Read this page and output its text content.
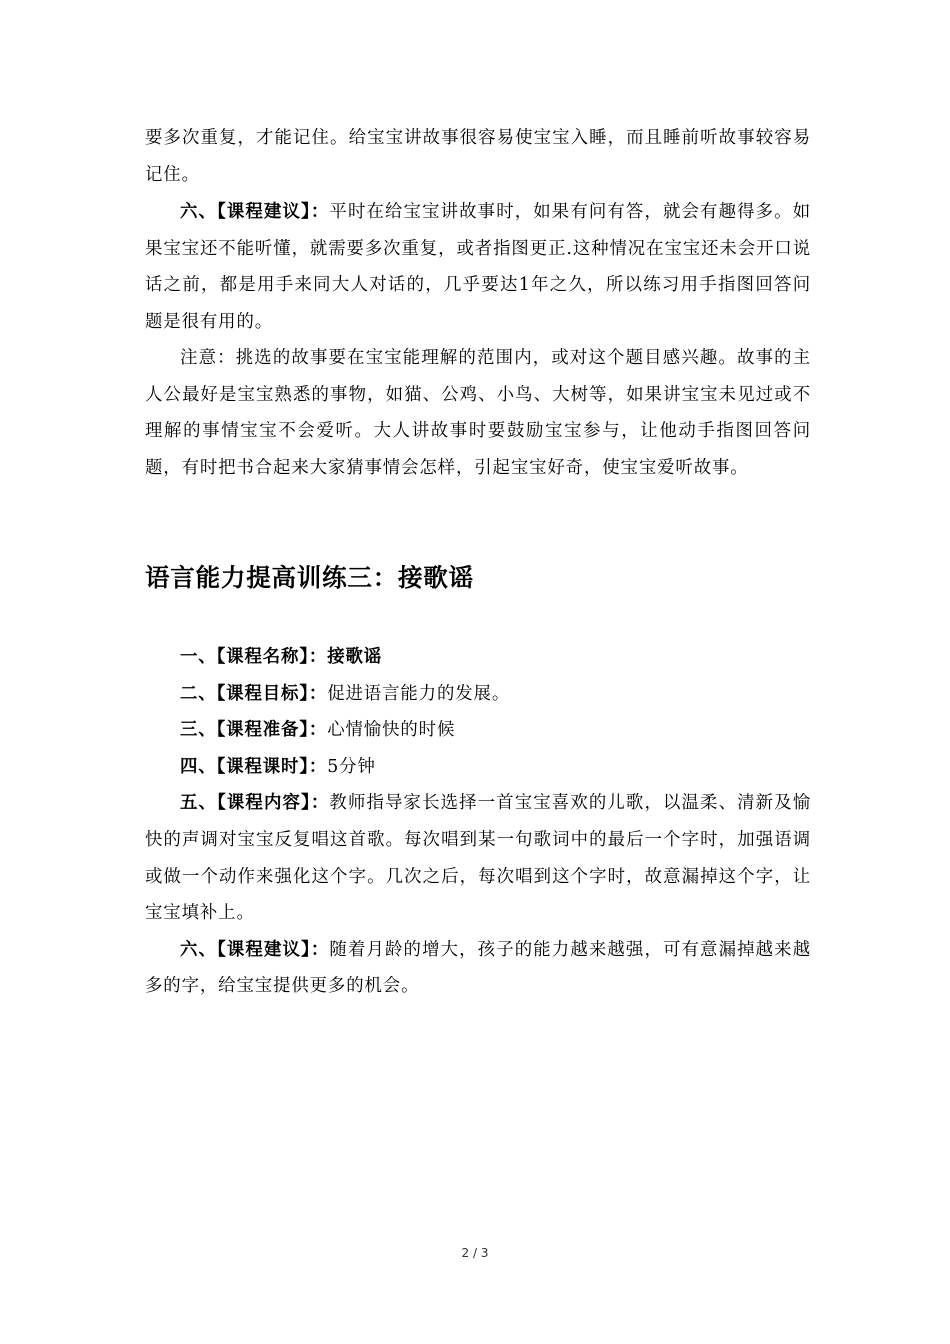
要多次重复，才能记住。给宝宝讲故事很容易使宝宝入睡，而且睡前听故事较容易记住。

六、【课程建议】：平时在给宝宝讲故事时，如果有问有答，就会有趣得多。如果宝宝还不能听懂，就需要多次重复，或者指图更正.这种情况在宝宝还未会开口说话之前，都是用手来同大人对话的，几乎要达1年之久，所以练习用手指图回答问题是很有用的。

注意：挑选的故事要在宝宝能理解的范围内，或对这个题目感兴趣。故事的主人公最好是宝宝熟悉的事物，如猫、公鸡、小鸟、大树等，如果讲宝宝未见过或不理解的事情宝宝不会爱听。大人讲故事时要鼓励宝宝参与，让他动手指图回答问题，有时把书合起来大家猜事情会怎样，引起宝宝好奇，使宝宝爱听故事。

语言能力提高训练三：接歌谣
一、【课程名称】：接歌谣
二、【课程目标】：促进语言能力的发展。
三、【课程准备】：心情愉快的时候
四、【课程课时】：5分钟
五、【课程内容】：教师指导家长选择一首宝宝喜欢的儿歌，以温柔、清新及愉快的声调对宝宝反复唱这首歌。每次唱到某一句歌词中的最后一个字时，加强语调或做一个动作来强化这个字。几次之后，每次唱到这个字时，故意漏掉这个字，让宝宝填补上。
六、【课程建议】：随着月龄的增大，孩子的能力越来越强，可有意漏掉越来越多的字，给宝宝提供更多的机会。
2 / 3
